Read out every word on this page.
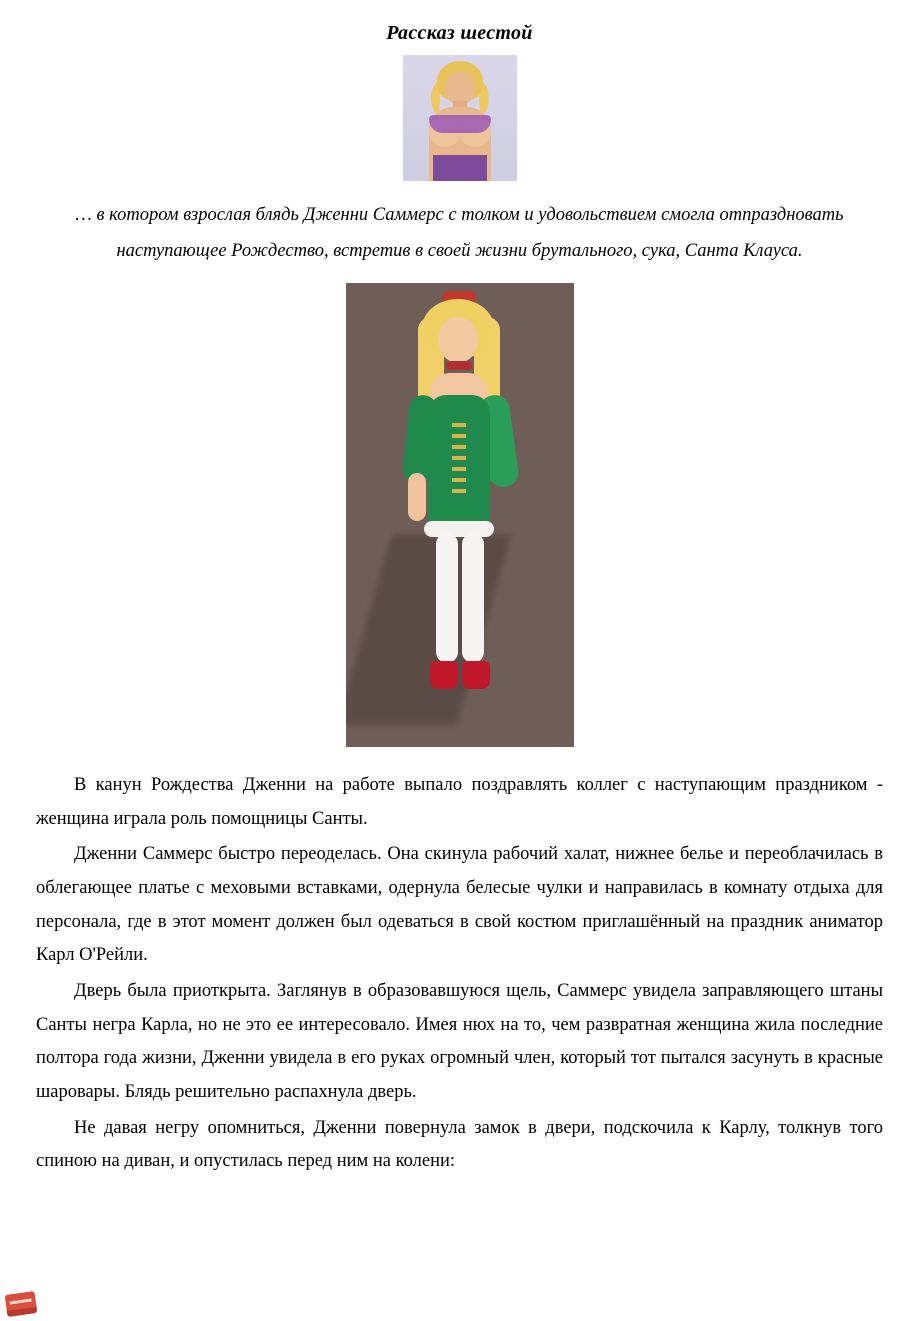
Рассказ шестой
… в котором взрослая блядь Дженни Саммерс с толком и удовольствием смогла отпраздновать наступающее Рождество, встретив в своей жизни брутального, сука, Санта Клауса.

В канун Рождества Дженни на работе выпало поздравлять коллег с наступающим праздником - женщина играла роль помощницы Санты.

Дженни Саммерс быстро переоделась. Она скинула рабочий халат, нижнее белье и переоблачилась в облегающее платье с меховыми вставками, одернула белесые чулки и направилась в комнату отдыха для персонала, где в этот момент должен был одеваться в свой костюм приглашённый на праздник аниматор Карл О'Рейли.

Дверь была приоткрыта. Заглянув в образовавшуюся щель, Саммерс увидела заправляющего штаны Санты негра Карла, но не это ее интересовало. Имея нюх на то, чем развратная женщина жила последние полтора года жизни, Дженни увидела в его руках огромный член, который тот пытался засунуть в красные шаровары. Блядь решительно распахнула дверь.

Не давая негру опомниться, Дженни повернула замок в двери, подскочила к Карлу, толкнув того спиною на диван, и опустилась перед ним на колени:
